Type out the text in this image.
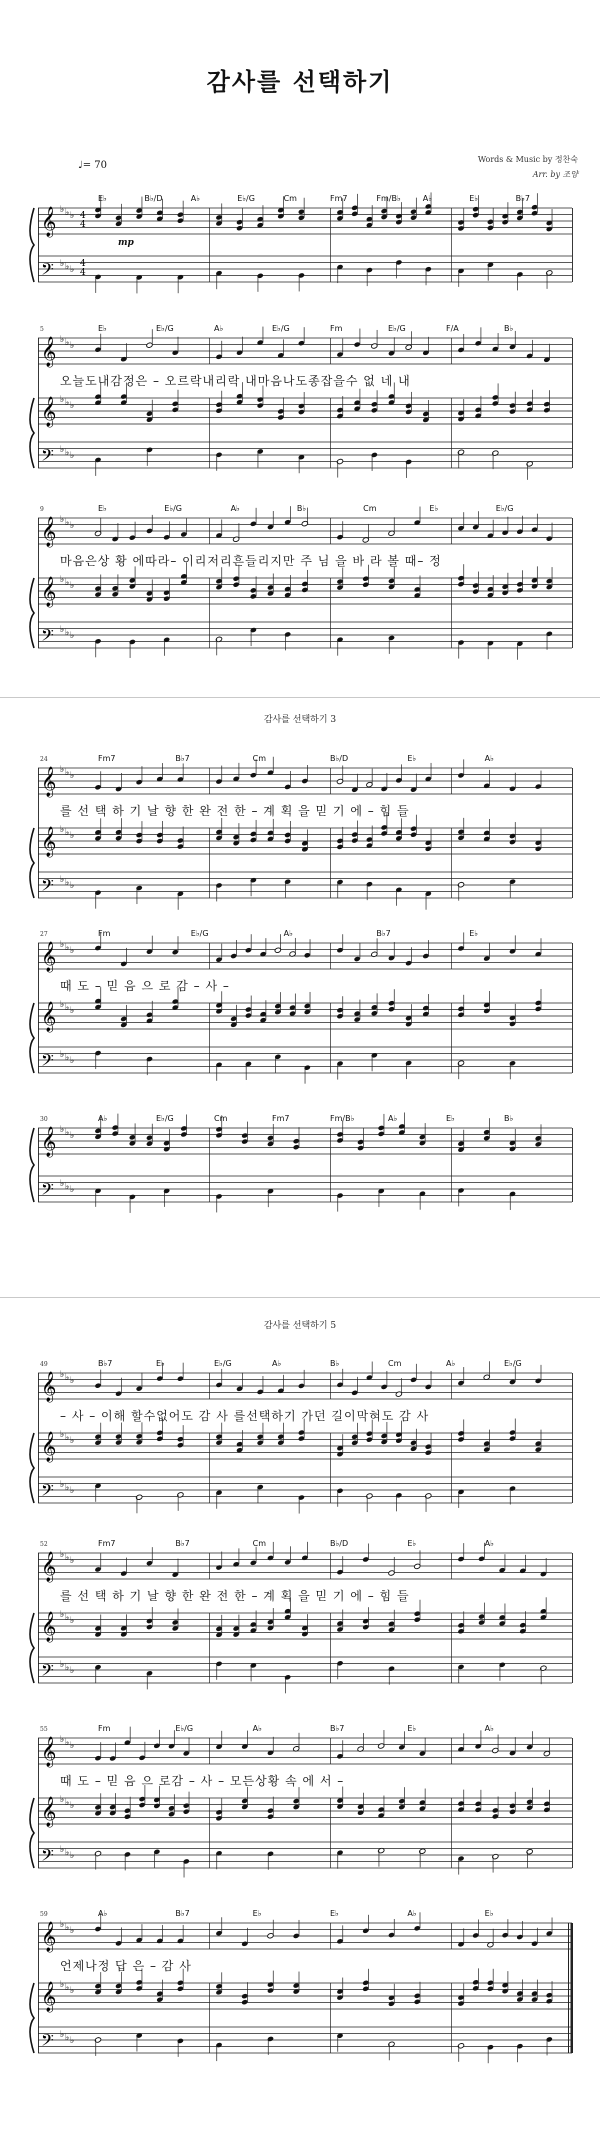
감사를 선택하기
♩= 70
Words & Music by 정찬숙
Arr. by 조양
감사를 선택하기 3
감사를 선택하기 5
𝄞 ♭ ♭ ♭
𝄢 ♭ ♭ ♭
4
4
4
4
E♭	B♭/D	A♭	E♭/G	Cm	Fm7	Fm/B♭	A♭	E♭	B♭7
mp
𝄞 ♭ ♭ ♭
𝄞 ♭ ♭ ♭
𝄢 ♭ ♭ ♭
5	E♭	E♭/G	A♭	E♭/G	Fm	E♭/G	F/A	B♭
오늘도내감정은 – 오르락내리락 내마음나도종잡을수 없 네 내
𝄞 ♭ ♭ ♭
𝄞 ♭ ♭ ♭
𝄢 ♭ ♭ ♭
9	E♭	E♭/G	A♭	B♭	Cm	E♭	E♭/G
마음은상 황 에따라– 이리저리흔들리지만 주 님 을 바 라 볼 때– 정
𝄞 ♭ ♭ ♭
𝄞 ♭ ♭ ♭
𝄢 ♭ ♭ ♭
24	Fm7	B♭7	Cm	B♭/D	E♭	A♭
를 선 택 하 기 날 향 한 완 전 한 – 계 획 을 믿 기 에 – 힘 들
𝄞 ♭ ♭ ♭
𝄞 ♭ ♭ ♭
𝄢 ♭ ♭ ♭
27	Fm	E♭/G	A♭	B♭7	E♭
때 도 – 믿 음 으 로 감 – 사 –
𝄞 ♭ ♭ ♭
𝄢 ♭ ♭ ♭
30	A♭	E♭/G	Cm	Fm7	Fm/B♭	A♭	E♭	B♭
𝄞 ♭ ♭ ♭
𝄞 ♭ ♭ ♭
𝄢 ♭ ♭ ♭
49	B♭7	E♭	E♭/G	A♭	B♭	Cm	A♭	E♭/G
– 사 – 이해 할수없어도 감 사 를선택하기 가던 길이막혀도 감 사
𝄞 ♭ ♭ ♭
𝄞 ♭ ♭ ♭
𝄢 ♭ ♭ ♭
52	Fm7	B♭7	Cm	B♭/D	E♭	A♭
를 선 택 하 기 날 향 한 완 전 한 – 계 획 을 믿 기 에 – 힘 들
𝄞 ♭ ♭ ♭
𝄞 ♭ ♭ ♭
𝄢 ♭ ♭ ♭
55	Fm	E♭/G	A♭	B♭7	E♭	A♭
때 도 – 믿 음 으 로감 – 사 – 모든상황 속 에 서 –
𝄞 ♭ ♭ ♭
𝄞 ♭ ♭ ♭
𝄢 ♭ ♭ ♭
59	A♭	B♭7	E♭	E♭	A♭	E♭
언제나정 답 은 – 감 사
